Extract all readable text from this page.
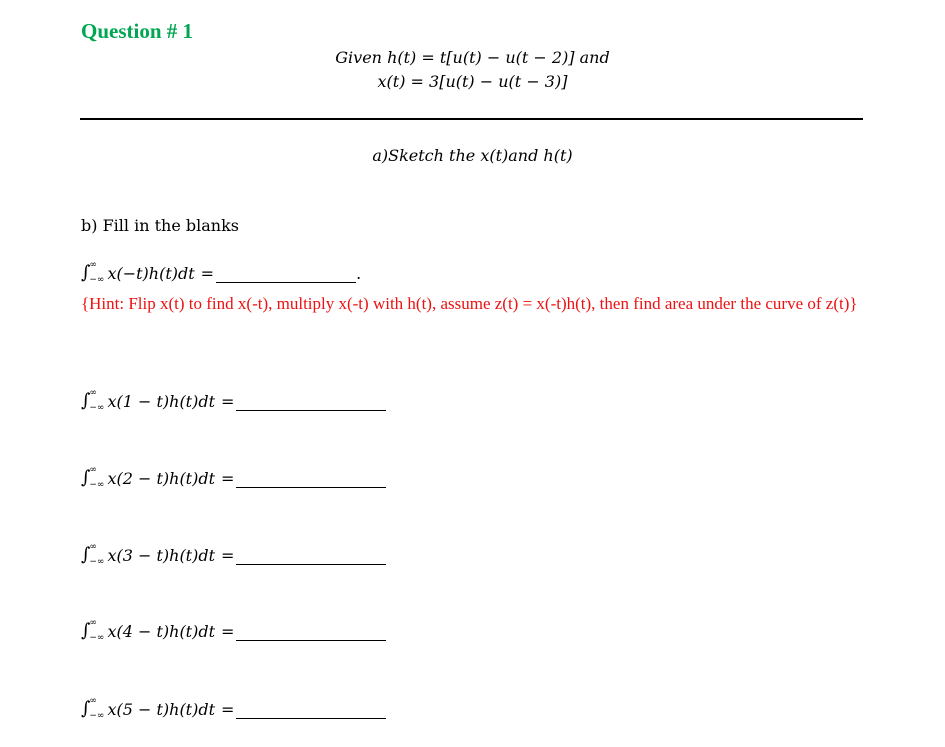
Question # 1
Given h(t) = t[u(t) − u(t − 2)] and
x(t) = 3[u(t) − u(t − 3)]
a)Sketch the x(t)and h(t)
b) Fill in the blanks
∫ ∞
−∞ x(−t)h(t)dt =	.
{Hint: Flip x(t) to find x(-t), multiply x(-t) with h(t), assume z(t) = x(-t)h(t), then find area under the curve of z(t)}
∫ ∞
−∞ x(1 − t)h(t)dt =
∫ ∞
−∞ x(2 − t)h(t)dt =
∫ ∞
−∞ x(3 − t)h(t)dt =
∫ ∞
−∞ x(4 − t)h(t)dt =
∫ ∞
−∞ x(5 − t)h(t)dt =
